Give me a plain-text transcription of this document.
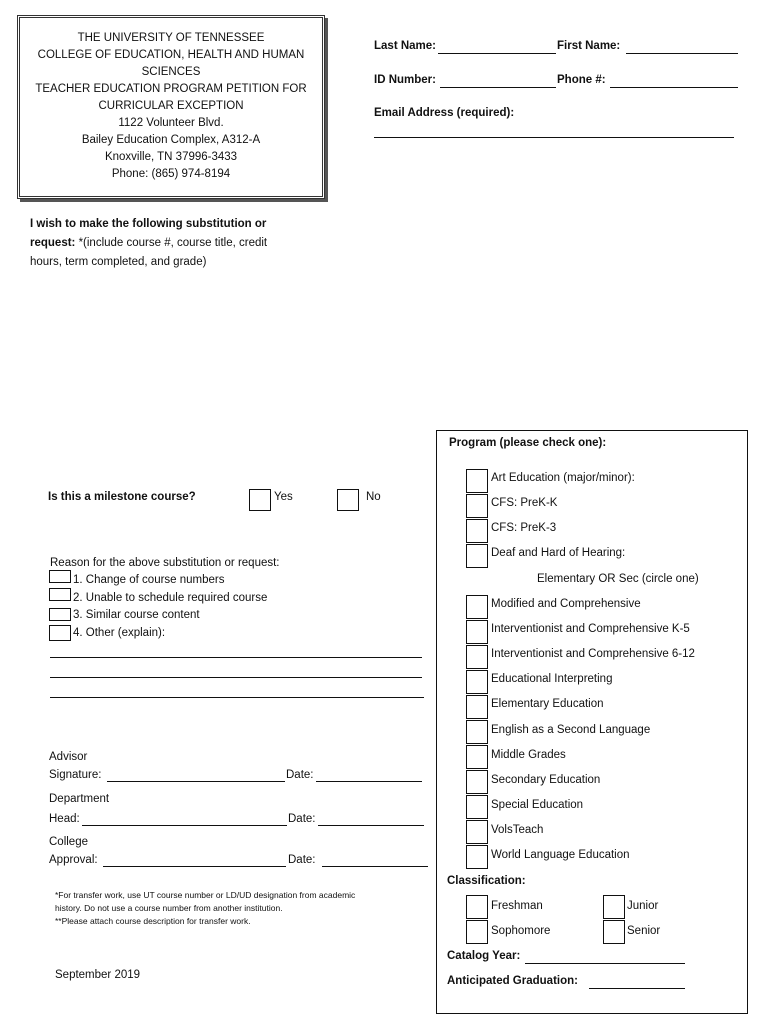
THE UNIVERSITY OF TENNESSEE
COLLEGE OF EDUCATION, HEALTH AND HUMAN
SCIENCES
TEACHER EDUCATION PROGRAM PETITION FOR
CURRICULAR EXCEPTION
1122 Volunteer Blvd.
Bailey Education Complex, A312-A
Knoxville, TN 37996-3433
Phone: (865) 974-8194
Last Name:	First Name:
ID Number:	Phone #:
Email Address (required):
I wish to make the following substitution or
request: *(include course #, course title, credit
hours, term completed, and grade)
Is this a milestone course?	Yes	No
Reason for the above substitution or request:
1. Change of course numbers
2. Unable to schedule required course
3. Similar course content
4. Other (explain):
Advisor
Signature:	Date:
Department
Head:	Date:
College
Approval:	Date:
*For transfer work, use UT course number or LD/UD designation from academic
history. Do not use a course number from another institution.
**Please attach course description for transfer work.
September 2019
Program (please check one):
Art Education (major/minor):
CFS: PreK-K
CFS: PreK-3
Deaf and Hard of Hearing:
Elementary OR Sec (circle one)
Modified and Comprehensive
Interventionist and Comprehensive K-5
Interventionist and Comprehensive 6-12
Educational Interpreting
Elementary Education
English as a Second Language
Middle Grades
Secondary Education
Special Education
VolsTeach
World Language Education
Classification:
Freshman	Junior
Sophomore	Senior
Catalog Year:
Anticipated Graduation:
